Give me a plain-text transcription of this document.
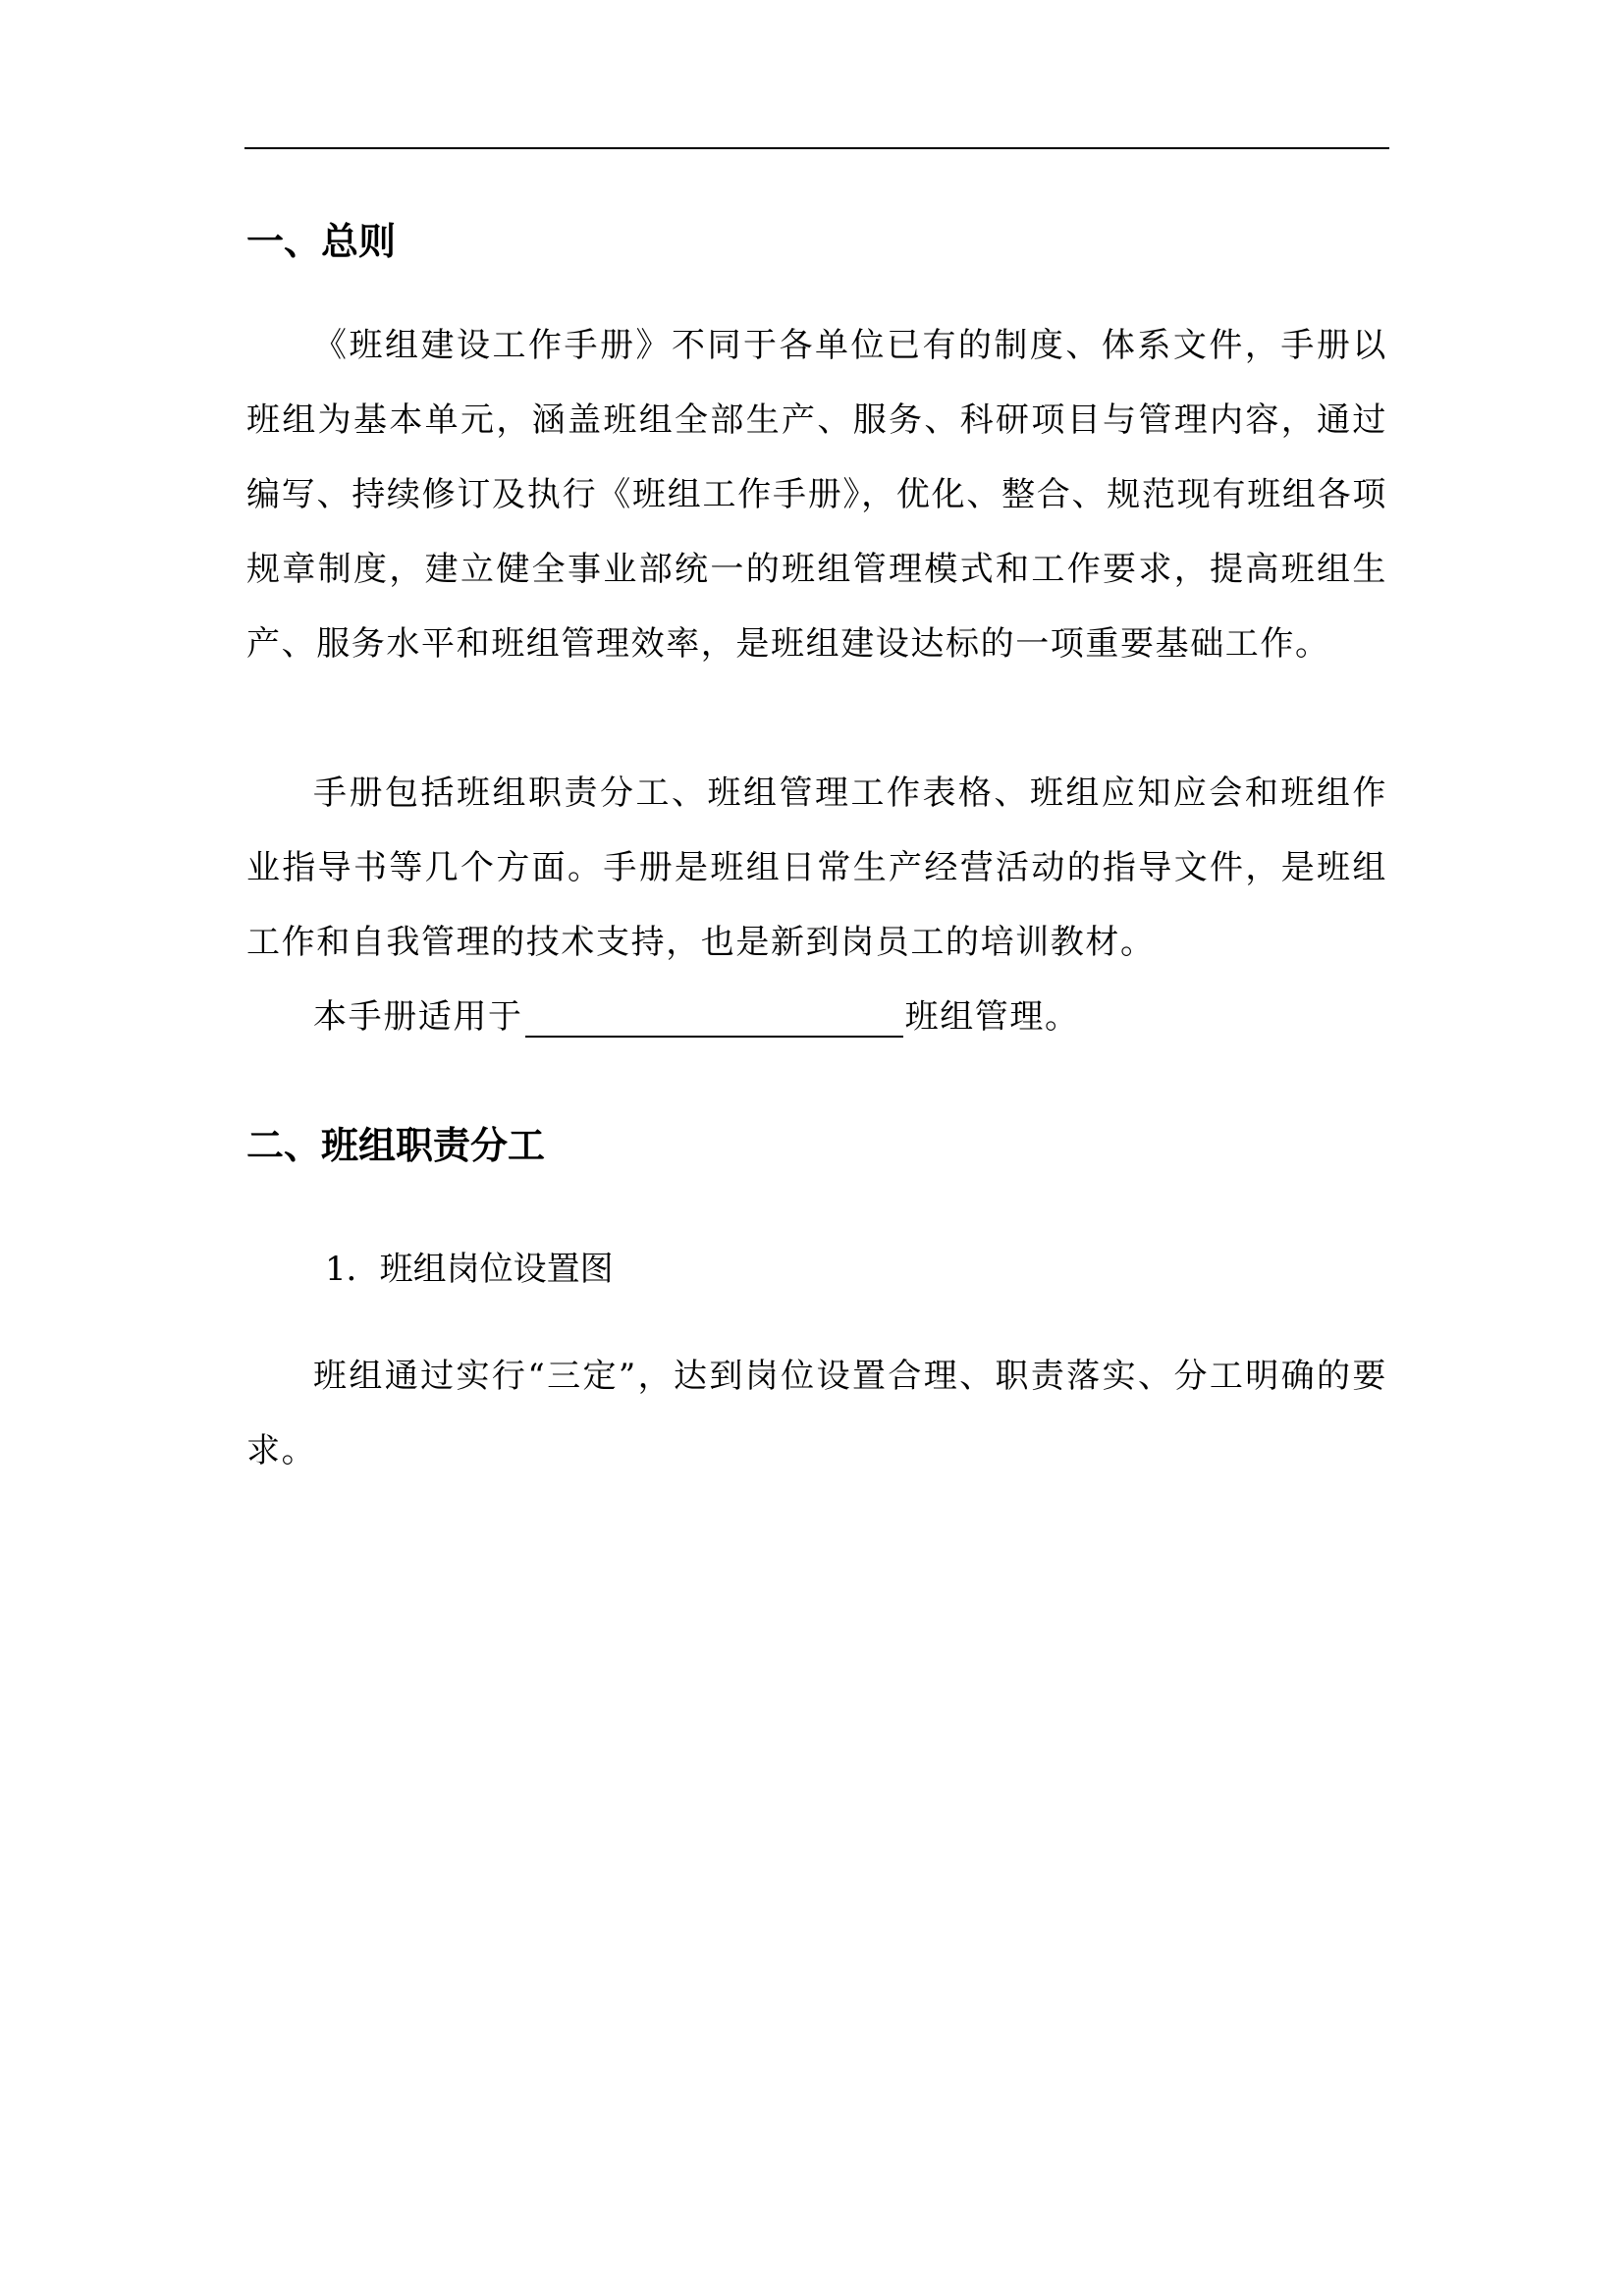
一、总则

《班组建设工作手册》不同于各单位已有的制度、体系文件，手册以班组为基本单元，涵盖班组全部生产、服务、科研项目与管理内容，通过编写、持续修订及执行《班组工作手册》，优化、整合、规范现有班组各项规章制度，建立健全事业部统一的班组管理模式和工作要求，提高班组生产、服务水平和班组管理效率，是班组建设达标的一项重要基础工作。

手册包括班组职责分工、班组管理工作表格、班组应知应会和班组作业指导书等几个方面。手册是班组日常生产经营活动的指导文件，是班组工作和自我管理的技术支持，也是新到岗员工的培训教材。

本手册适用于	班组管理。

二、班组职责分工

1．班组岗位设置图

班组通过实行“三定”，达到岗位设置合理、职责落实、分工明确的要求。
